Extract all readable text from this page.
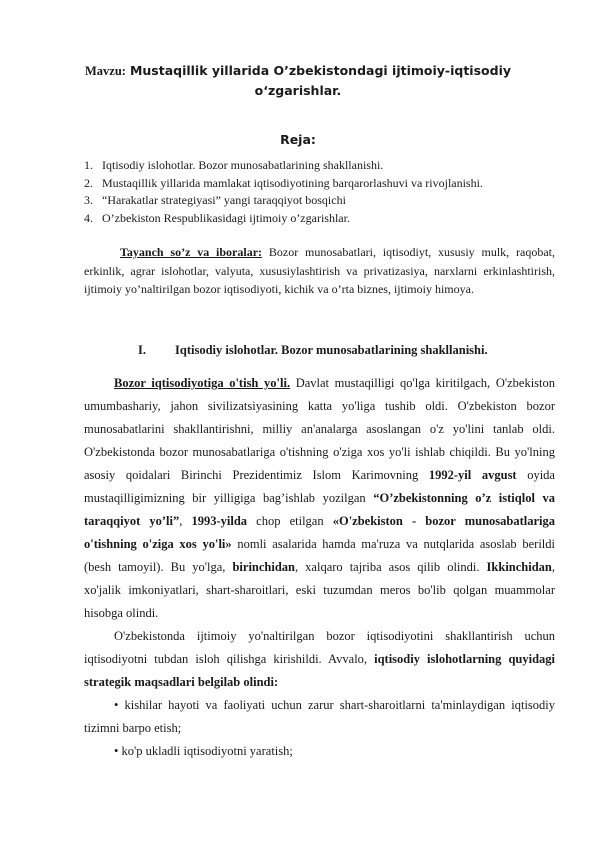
Mavzu: Mustaqillik yillarida O’zbekistondagi ijtimoiy-iqtisodiy o‘zgarishlar.
Reja:
1. Iqtisodiy islohotlar. Bozor munosabatlarining shakllanishi.
2. Mustaqillik yillarida mamlakat iqtisodiyotining barqarorlashuvi va rivojlanishi.
3. “Harakatlar strategiyasi” yangi taraqqiyot bosqichi
4. O’zbekiston Respublikasidagi ijtimoiy o’zgarishlar.

Tayanch so’z va iboralar: Bozor munosabatlari, iqtisodiyt, xususiy mulk, raqobat, erkinlik, agrar islohotlar, valyuta, xususiylashtirish va privatizasiya, narxlarni erkinlashtirish, ijtimoiy yo’naltirilgan bozor iqtisodiyoti, kichik va o’rta biznes, ijtimoiy himoya.

I. Iqtisodiy islohotlar. Bozor munosabatlarining shakllanishi.

Bozor iqtisodiyotiga o'tish yo'li. Davlat mustaqilligi qo'lga kiritilgach, O'zbekiston umumbashariy, jahon sivilizatsiyasining katta yo'liga tushib oldi. O'zbekiston bozor munosabatlarini shakllantirishni, milliy an'analarga asoslangan o'z yo'lini tanlab oldi. O'zbekistonda bozor munosabatlariga o'tishning o'ziga xos yo'li ishlab chiqildi. Bu yo'lning asosiy qoidalari Birinchi Prezidentimiz Islom Karimovning 1992-yil avgust oyida mustaqilligimizning bir yilligiga bag’ishlab yozilgan “O’zbekistonning o’z istiqlol va taraqqiyot yo’li”, 1993-yilda chop etilgan «O'zbekiston - bozor munosabatlariga o'tishning o'ziga xos yo'li» nomli asalarida hamda ma'ruza va nutqlarida asoslab berildi (besh tamoyil). Bu yo'lga, birinchidan, xalqaro tajriba asos qilib olindi. Ikkinchidan, xo'jalik imkoniyatlari, shart-sharoitlari, eski tuzumdan meros bo'lib qolgan muammolar hisobga olindi.

O'zbekistonda ijtimoiy yo'naltirilgan bozor iqtisodiyotini shakllantirish uchun iqtisodiyotni tubdan isloh qilishga kirishildi. Avvalo, iqtisodiy islohotlarning quyidagi strategik maqsadlari belgilab olindi:

• kishilar hayoti va faoliyati uchun zarur shart-sharoitlarni ta'minlaydigan iqtisodiy tizimni barpo etish;

• ko'p ukladli iqtisodiyotni yaratish;
